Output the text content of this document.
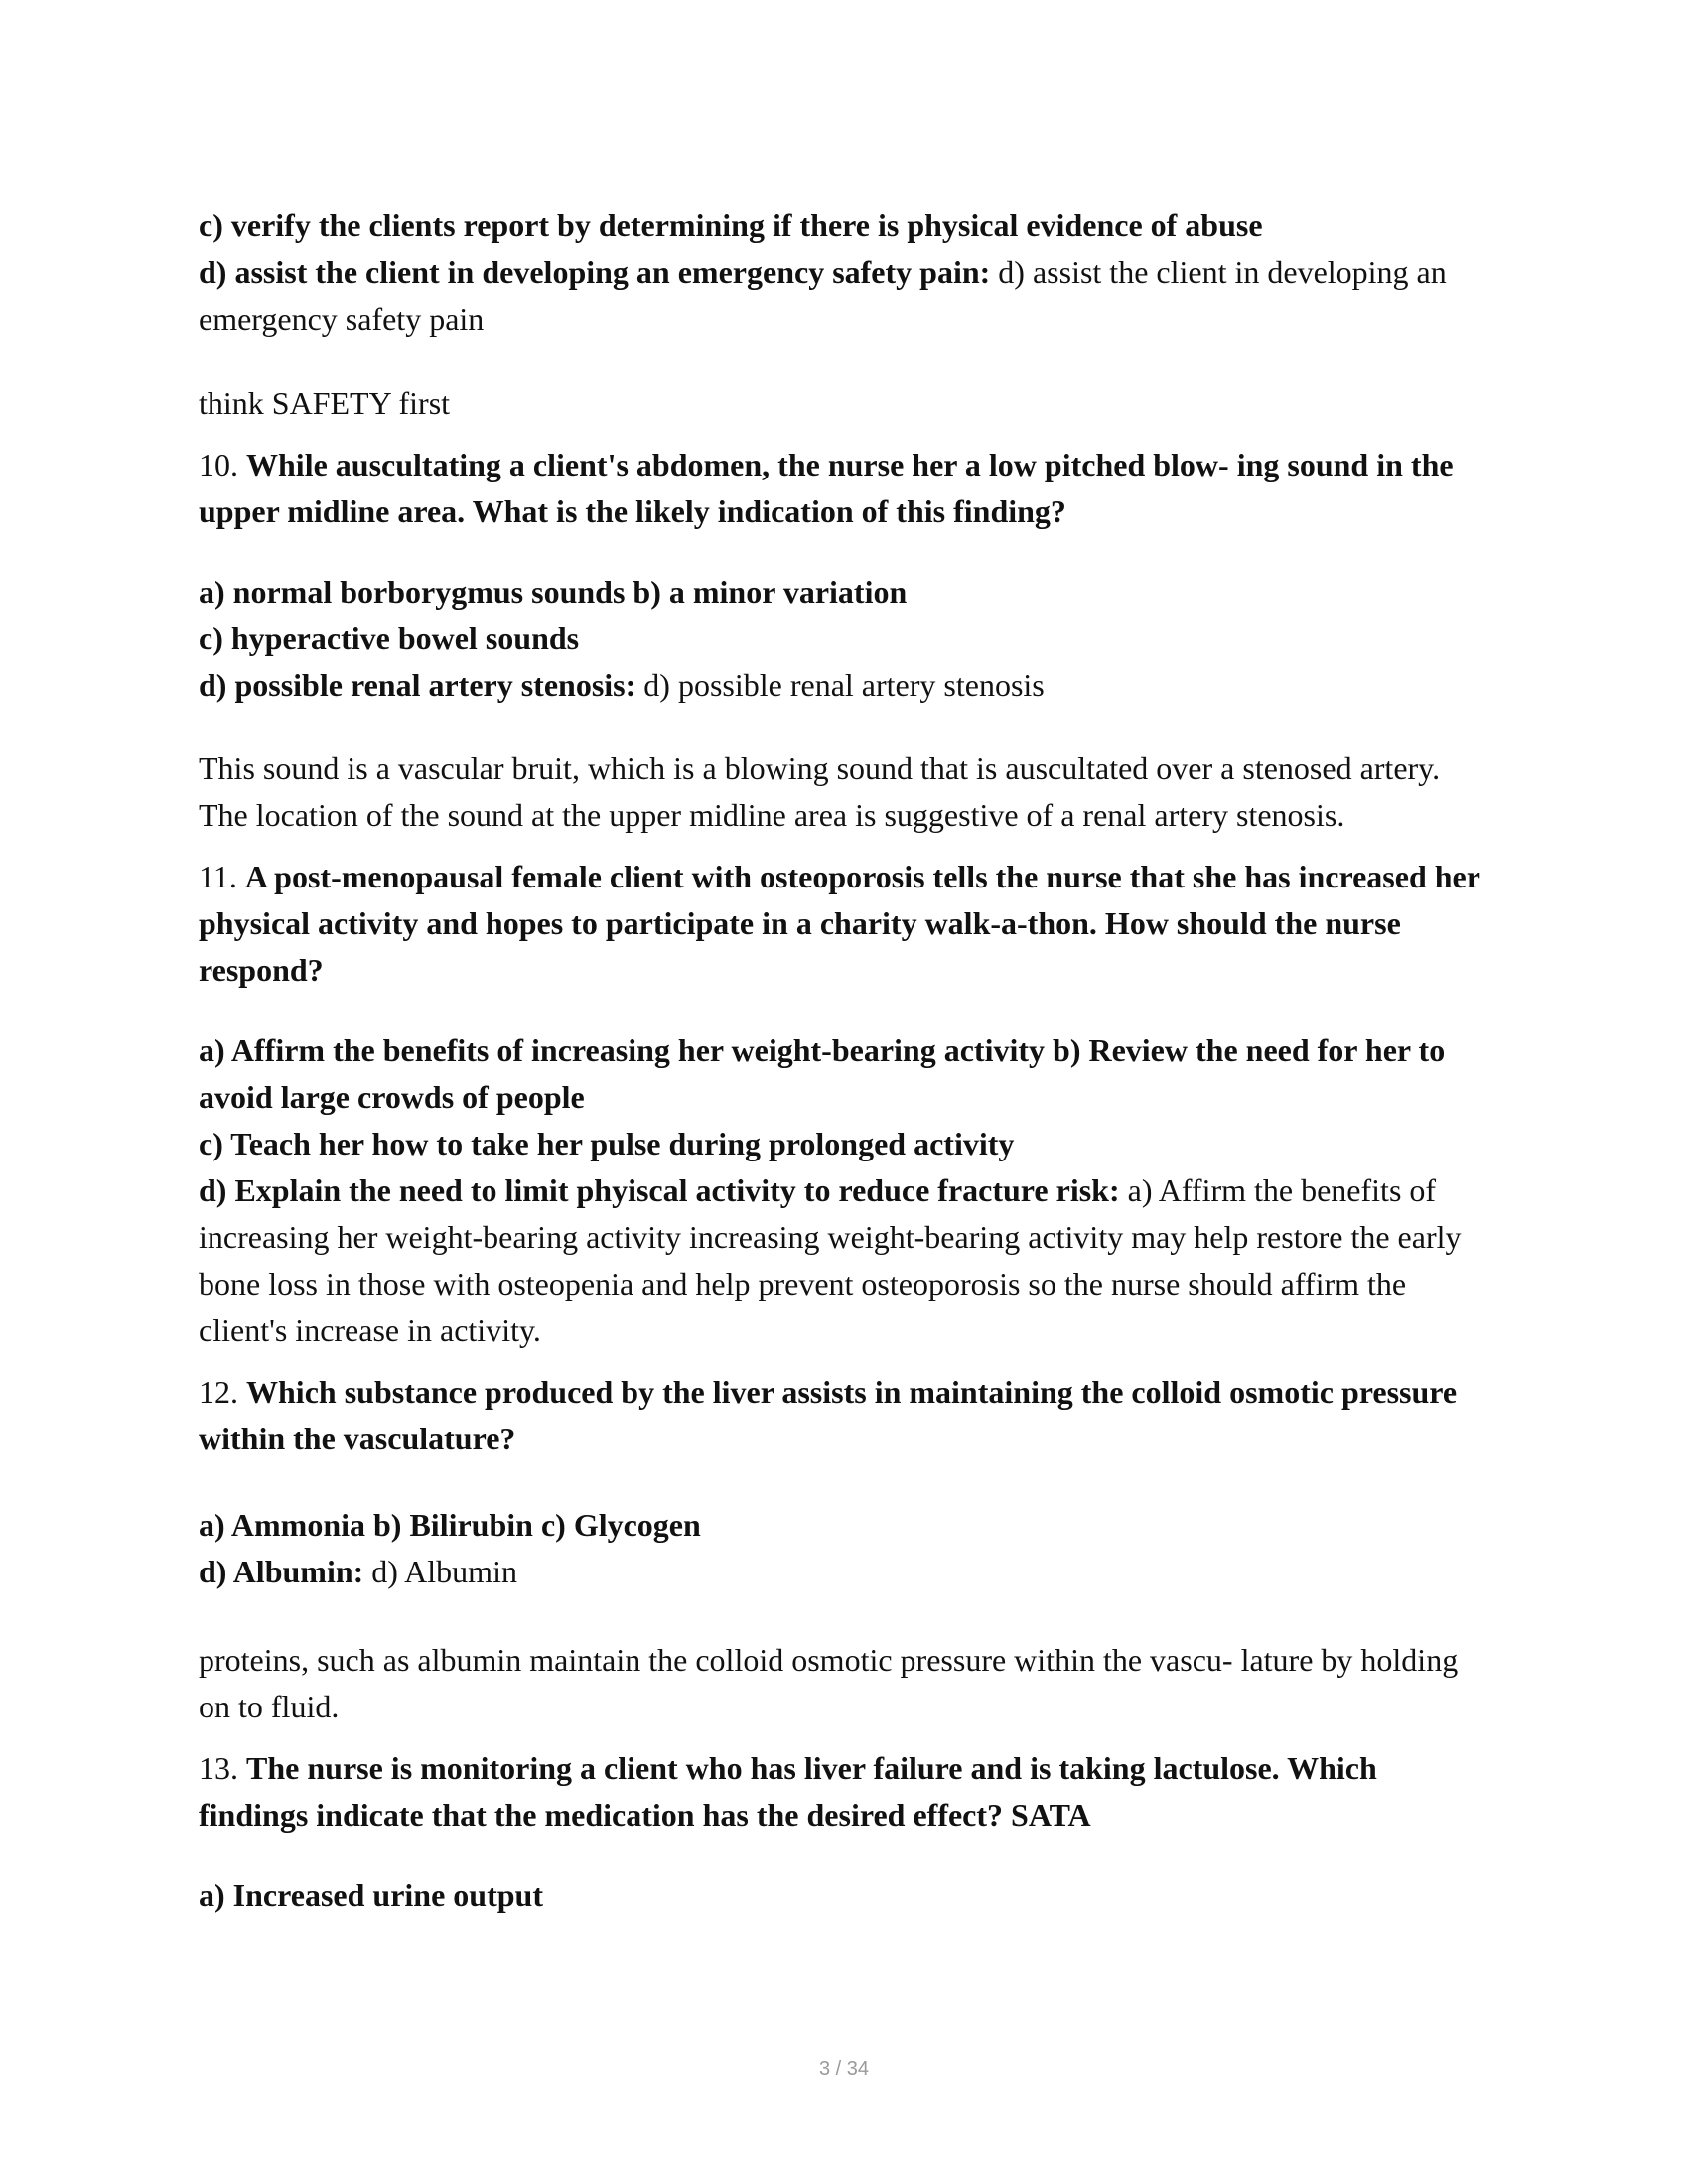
c) verify the clients report by determining if there is physical evidence of abuse

d) assist the client in developing an emergency safety pain: d) assist the client in developing an emergency safety pain

think SAFETY first

10. While auscultating a client's abdomen, the nurse her a low pitched blow- ing sound in the upper midline area. What is the likely indication of this finding?

a) normal borborygmus sounds b) a minor variation

c) hyperactive bowel sounds

d) possible renal artery stenosis: d) possible renal artery stenosis

This sound is a vascular bruit, which is a blowing sound that is auscultated over a stenosed artery. The location of the sound at the upper midline area is suggestive of a renal artery stenosis.

11. A post-menopausal female client with osteoporosis tells the nurse that she has increased her physical activity and hopes to participate in a charity walk-a-thon. How should the nurse respond?

a) Affirm the benefits of increasing her weight-bearing activity b) Review the need for her to avoid large crowds of people

c) Teach her how to take her pulse during prolonged activity

d) Explain the need to limit phyiscal activity to reduce fracture risk: a) Affirm the benefits of increasing her weight-bearing activity increasing weight-bearing activity may help restore the early bone loss in those with osteopenia and help prevent osteoporosis so the nurse should affirm the client's increase in activity.

12. Which substance produced by the liver assists in maintaining the colloid osmotic pressure within the vasculature?

a) Ammonia b) Bilirubin c) Glycogen

d) Albumin: d) Albumin

proteins, such as albumin maintain the colloid osmotic pressure within the vascu- lature by holding on to fluid.

13. The nurse is monitoring a client who has liver failure and is taking lactulose. Which findings indicate that the medication has the desired effect? SATA

a) Increased urine output

3 / 34
